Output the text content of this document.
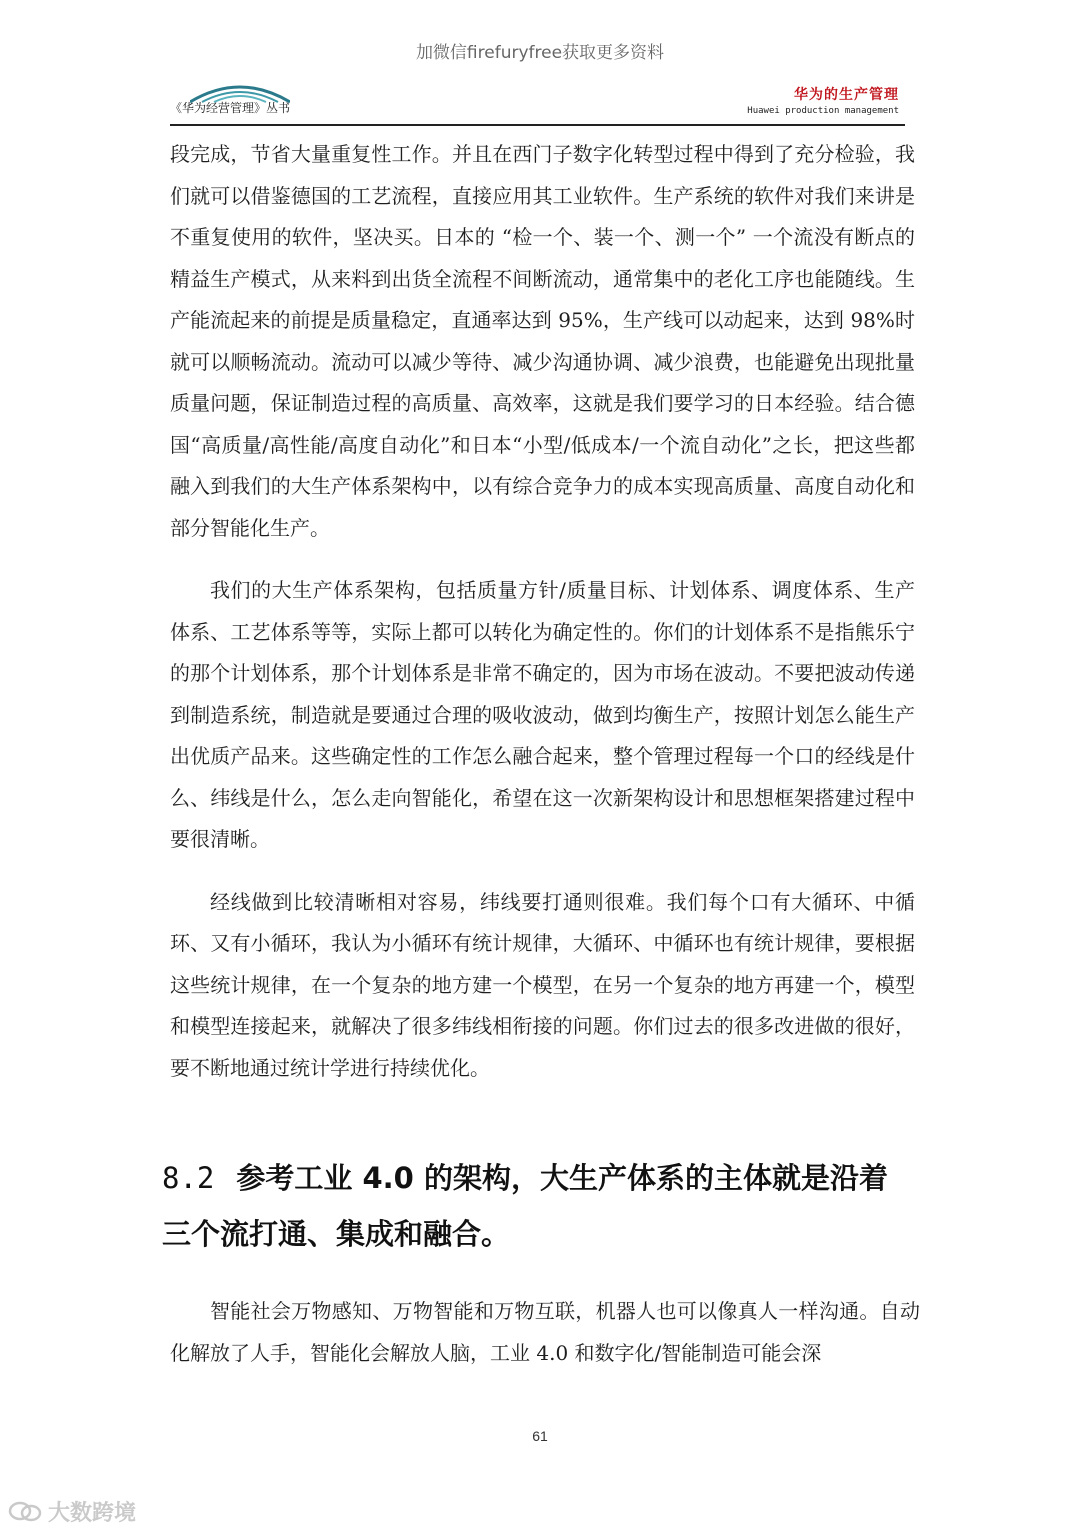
加微信firefuryfree获取更多资料
《华为经营管理》丛书
华为的生产管理
Huawei production management

段完成，节省大量重复性工作。并且在西门子数字化转型过程中得到了充分检验，我们就可以借鉴德国的工艺流程，直接应用其工业软件。生产系统的软件对我们来讲是不重复使用的软件，坚决买。日本的 “检一个、装一个、测一个” 一个流没有断点的精益生产模式，从来料到出货全流程不间断流动，通常集中的老化工序也能随线。生产能流起来的前提是质量稳定，直通率达到 95%，生产线可以动起来，达到 98%时就可以顺畅流动。流动可以减少等待、减少沟通协调、减少浪费，也能避免出现批量质量问题，保证制造过程的高质量、高效率，这就是我们要学习的日本经验。结合德国“高质量/高性能/高度自动化”和日本“小型/低成本/一个流自动化”之长，把这些都融入到我们的大生产体系架构中，以有综合竞争力的成本实现高质量、高度自动化和部分智能化生产。

我们的大生产体系架构，包括质量方针/质量目标、计划体系、调度体系、生产体系、工艺体系等等，实际上都可以转化为确定性的。你们的计划体系不是指熊乐宁的那个计划体系，那个计划体系是非常不确定的，因为市场在波动。不要把波动传递到制造系统，制造就是要通过合理的吸收波动，做到均衡生产，按照计划怎么能生产出优质产品来。这些确定性的工作怎么融合起来，整个管理过程每一个口的经线是什么、纬线是什么，怎么走向智能化，希望在这一次新架构设计和思想框架搭建过程中要很清晰。

经线做到比较清晰相对容易，纬线要打通则很难。我们每个口有大循环、中循环、又有小循环，我认为小循环有统计规律，大循环、中循环也有统计规律，要根据这些统计规律，在一个复杂的地方建一个模型，在另一个复杂的地方再建一个，模型和模型连接起来，就解决了很多纬线相衔接的问题。你们过去的很多改进做的很好，要不断地通过统计学进行持续优化。

8.2 参考工业 4.0 的架构，大生产体系的主体就是沿着三个流打通、集成和融合。

智能社会万物感知、万物智能和万物互联，机器人也可以像真人一样沟通。自动化解放了人手，智能化会解放人脑，工业 4.0 和数字化/智能制造可能会深

61
大数跨境
